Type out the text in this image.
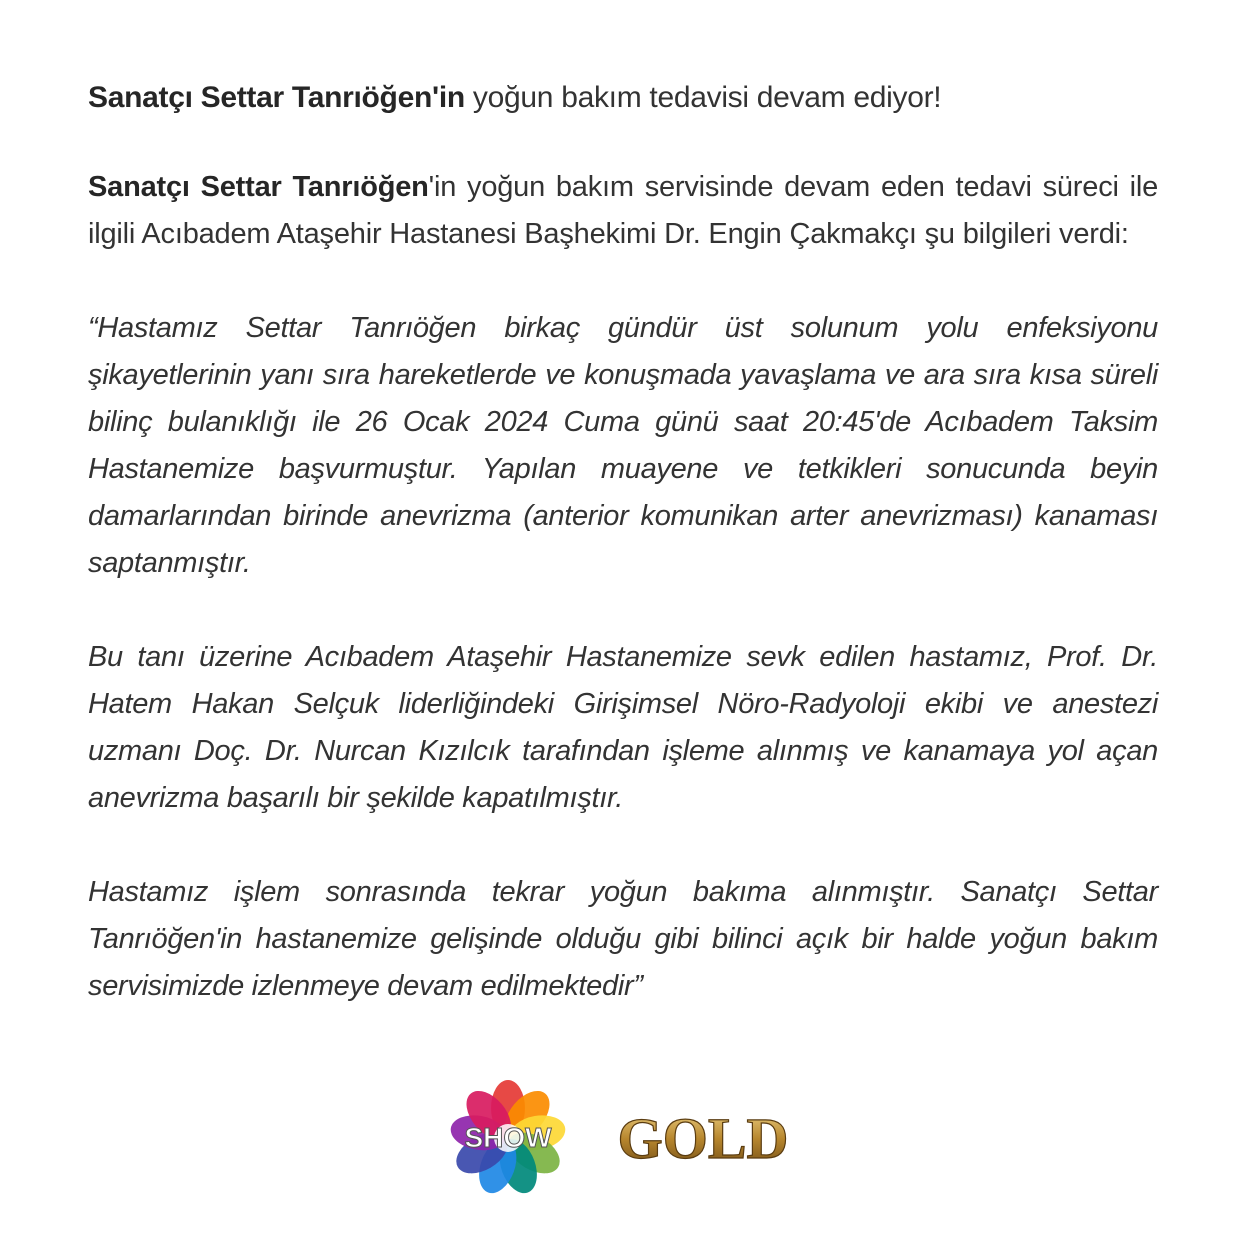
Sanatçı Settar Tanrıöğen'in yoğun bakım tedavisi devam ediyor!

Sanatçı Settar Tanrıöğen'in yoğun bakım servisinde devam eden tedavi süreci ile ilgili Acıbadem Ataşehir Hastanesi Başhekimi Dr. Engin Çakmakçı şu bilgileri verdi:

“Hastamız Settar Tanrıöğen birkaç gündür üst solunum yolu enfeksiyonu şikayetlerinin yanı sıra hareketlerde ve konuşmada yavaşlama ve ara sıra kısa süreli bilinç bulanıklığı ile 26 Ocak 2024 Cuma günü saat 20:45'de Acıbadem Taksim Hastanemize başvurmuştur. Yapılan muayene ve tetkikleri sonucunda beyin damarlarından birinde anevrizma (anterior komunikan arter anevrizması) kanaması saptanmıştır.

Bu tanı üzerine Acıbadem Ataşehir Hastanemize sevk edilen hastamız, Prof. Dr. Hatem Hakan Selçuk liderliğindeki Girişimsel Nöro-Radyoloji ekibi ve anestezi uzmanı Doç. Dr. Nurcan Kızılcık tarafından işleme alınmış ve kanamaya yol açan anevrizma başarılı bir şekilde kapatılmıştır.

Hastamız işlem sonrasında tekrar yoğun bakıma alınmıştır. Sanatçı Settar Tanrıöğen'in hastanemize gelişinde olduğu gibi bilinci açık bir halde yoğun bakım servisimizde izlenmeye devam edilmektedir”

SHOW GOLD
